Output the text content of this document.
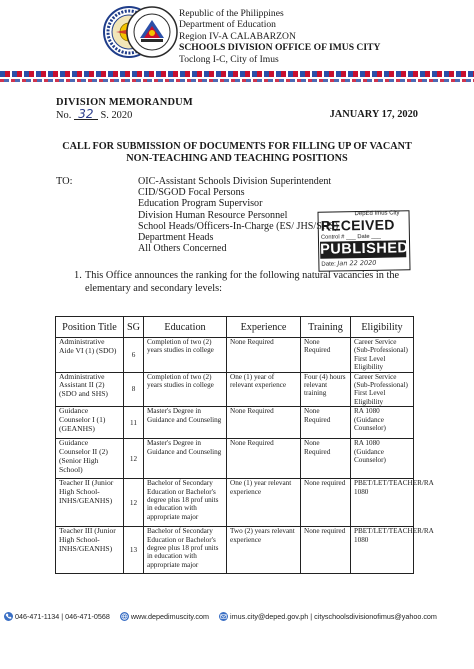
Republic of the Philippines
Department of Education
Region IV-A CALABARZON
SCHOOLS DIVISION OFFICE OF IMUS CITY
Toclong I-C, City of Imus
DIVISION MEMORANDUM
No. 32 S. 2020	JANUARY 17, 2020
CALL FOR SUBMISSION OF DOCUMENTS FOR FILLING UP OF VACANT NON-TEACHING AND TEACHING POSITIONS
TO:	OIC-Assistant Schools Division Superintendent
CID/SGOD Focal Persons
Education Program Supervisor
Division Human Resource Personnel
School Heads/Officers-In-Charge (ES/ JHS/SHS)
Department Heads
All Others Concerned
DepEd Imus City
RECEIVED
Control # ___ Date ___
PUBLISHED
Date: Jan 22 2020
1. This Office announces the ranking for the following natural vacancies in the elementary and secondary levels:
Position Title	SG	Education	Experience	Training	Eligibility
Administrative Aide VI (1) (SDO)	6	Completion of two (2) years studies in college	None Required	None Required	Career Service (Sub-Professional) First Level Eligibility
Administrative Assistant II (2) (SDO and SHS)	8	Completion of two (2) years studies in college	One (1) year of relevant experience	Four (4) hours relevant training	Career Service (Sub-Professional) First Level Eligibility
Guidance Counselor I (1) (GEANHS)	11	Master's Degree in Guidance and Counseling	None Required	None Required	RA 1080 (Guidance Counselor)
Guidance Counselor II (2) (Senior High School)	12	Master's Degree in Guidance and Counseling	None Required	None Required	RA 1080 (Guidance Counselor)
Teacher II (Junior High School-INHS/GEANHS)	12	Bachelor of Secondary Education or Bachelor's degree plus 18 prof units in education with appropriate major	One (1) year relevant experience	None required	PBET/LET/TEACHER/RA 1080
Teacher III (Junior High School-INHS/GEANHS)	13	Bachelor of Secondary Education or Bachelor's degree plus 18 prof units in education with appropriate major	Two (2) years relevant experience	None required	PBET/LET/TEACHER/RA 1080
046-471-1134 | 046-471-0568	www.depedimuscity.com	imus.city@deped.gov.ph | cityschoolsdivisionofimus@yahoo.com
